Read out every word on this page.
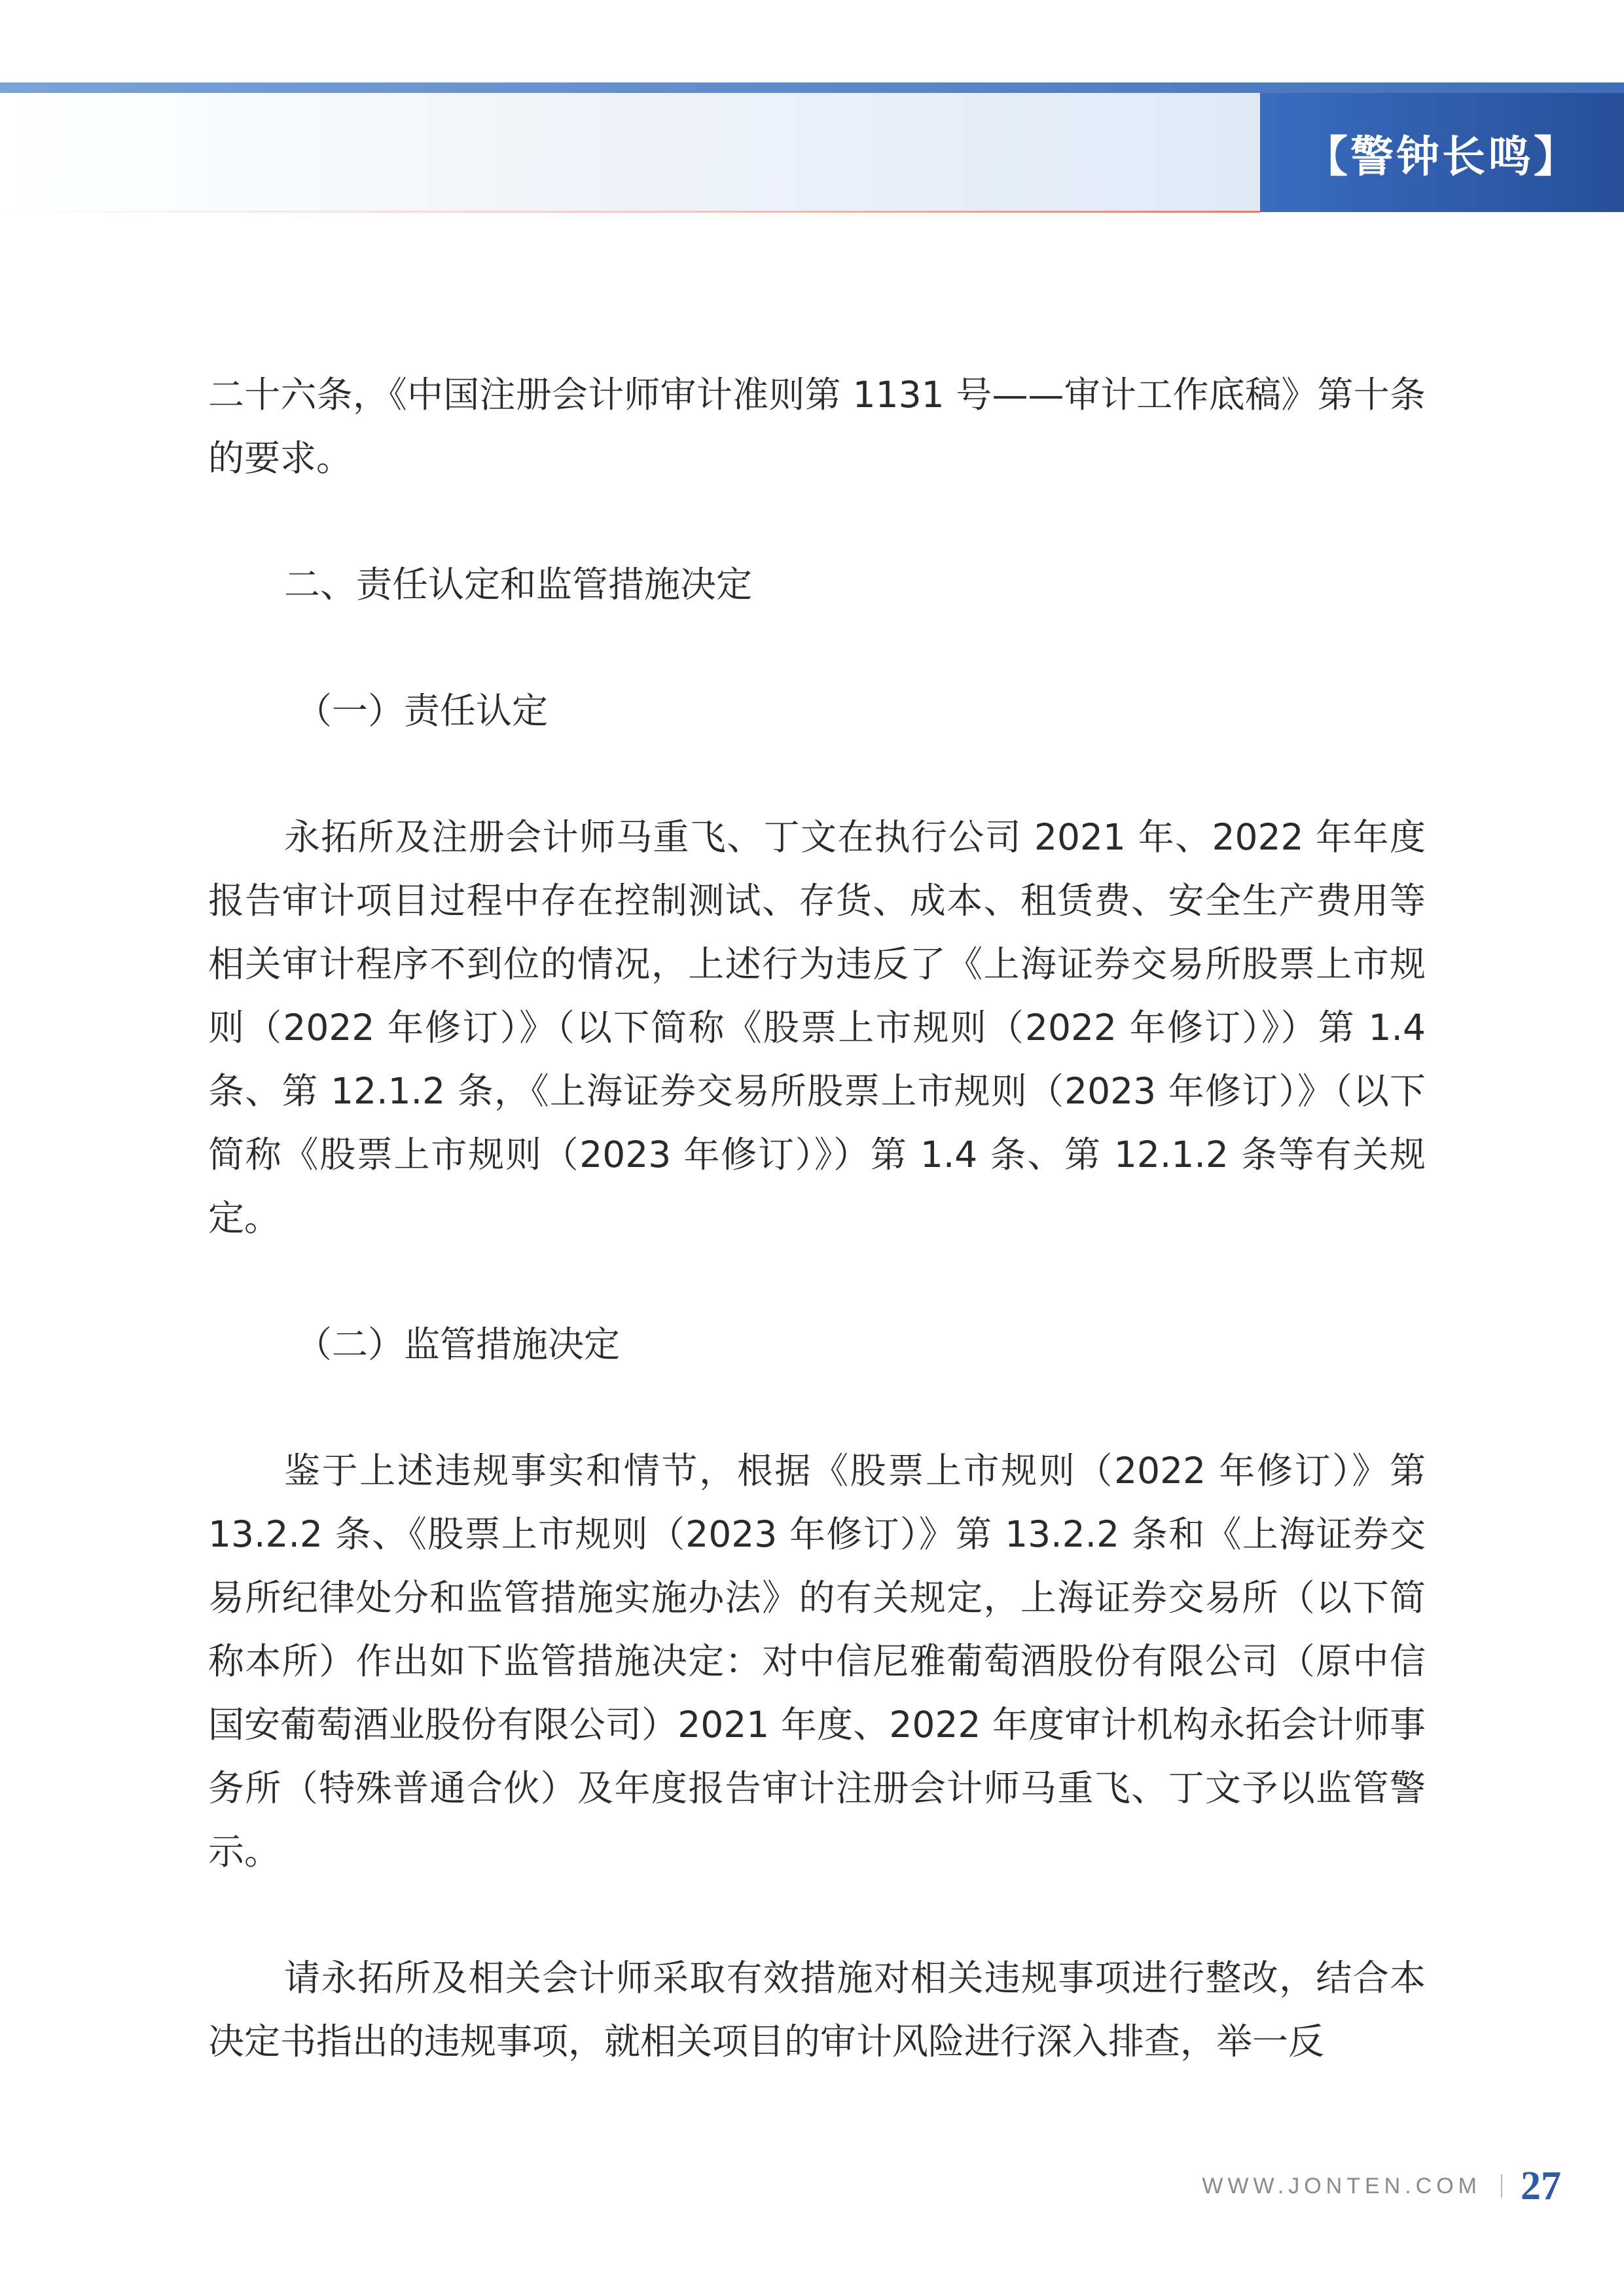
【警钟长鸣】

二十六条，《中国注册会计师审计准则第 1131 号——审计工作底稿》第十条的要求。

二、责任认定和监管措施决定

（一）责任认定

永拓所及注册会计师马重飞、丁文在执行公司 2021 年、2022 年年度报告审计项目过程中存在控制测试、存货、成本、租赁费、安全生产费用等相关审计程序不到位的情况，上述行为违反了《上海证券交易所股票上市规则（2022 年修订）》（以下简称《股票上市规则（2022 年修订）》）第 1.4 条、第 12.1.2 条，《上海证券交易所股票上市规则（2023 年修订）》（以下简称《股票上市规则（2023 年修订）》）第 1.4 条、第 12.1.2 条等有关规定。

（二）监管措施决定

鉴于上述违规事实和情节，根据《股票上市规则（2022 年修订）》第 13.2.2 条、《股票上市规则（2023 年修订）》第 13.2.2 条和《上海证券交易所纪律处分和监管措施实施办法》的有关规定，上海证券交易所（以下简称本所）作出如下监管措施决定：对中信尼雅葡萄酒股份有限公司（原中信国安葡萄酒业股份有限公司）2021 年度、2022 年度审计机构永拓会计师事务所（特殊普通合伙）及年度报告审计注册会计师马重飞、丁文予以监管警示。

请永拓所及相关会计师采取有效措施对相关违规事项进行整改，结合本决定书指出的违规事项，就相关项目的审计风险进行深入排查，举一反

WWW.JONTEN.COM 27
